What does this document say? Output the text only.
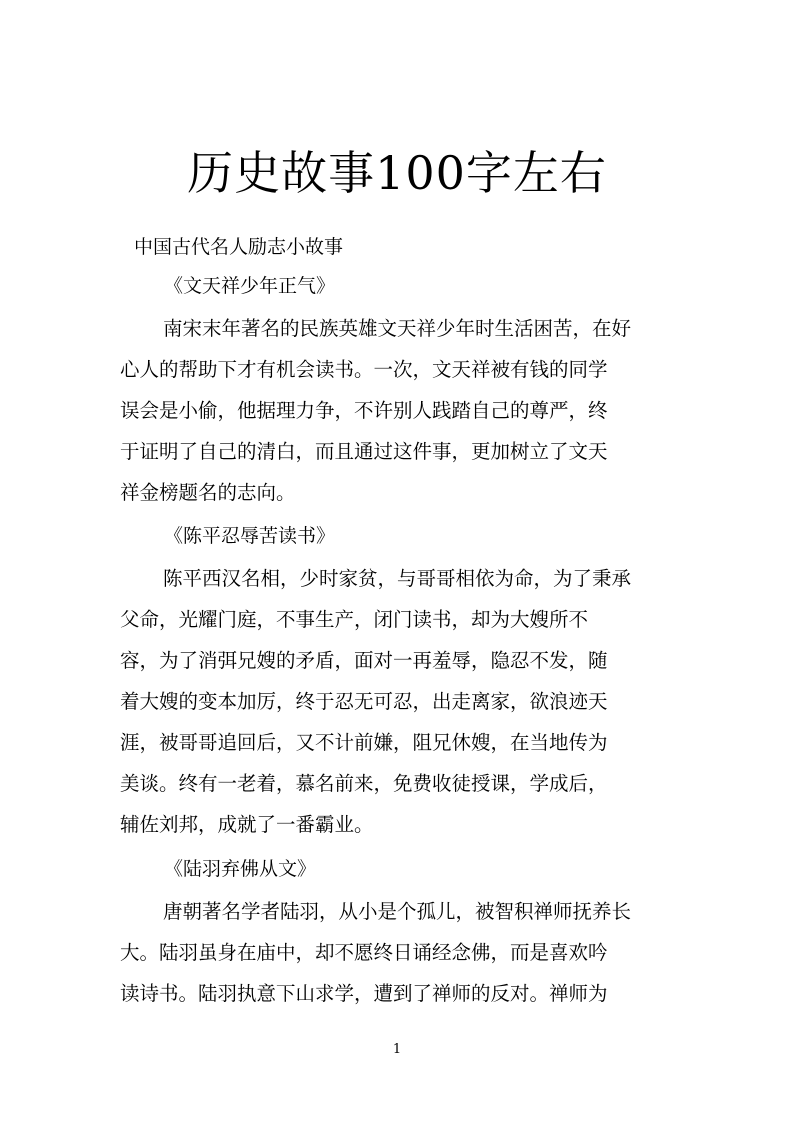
历史故事100字左右
中国古代名人励志小故事
《文天祥少年正气》
南宋末年著名的民族英雄文天祥少年时生活困苦，在好
心人的帮助下才有机会读书。一次，文天祥被有钱的同学
误会是小偷，他据理力争，不许别人践踏自己的尊严，终
于证明了自己的清白，而且通过这件事，更加树立了文天
祥金榜题名的志向。
《陈平忍辱苦读书》
陈平西汉名相，少时家贫，与哥哥相依为命，为了秉承
父命，光耀门庭，不事生产，闭门读书，却为大嫂所不
容，为了消弭兄嫂的矛盾，面对一再羞辱，隐忍不发，随
着大嫂的变本加厉，终于忍无可忍，出走离家，欲浪迹天
涯，被哥哥追回后，又不计前嫌，阻兄休嫂，在当地传为
美谈。终有一老着，慕名前来，免费收徒授课，学成后，
辅佐刘邦，成就了一番霸业。
《陆羽弃佛从文》
唐朝著名学者陆羽，从小是个孤儿，被智积禅师抚养长
大。陆羽虽身在庙中，却不愿终日诵经念佛，而是喜欢吟
读诗书。陆羽执意下山求学，遭到了禅师的反对。禅师为
1
